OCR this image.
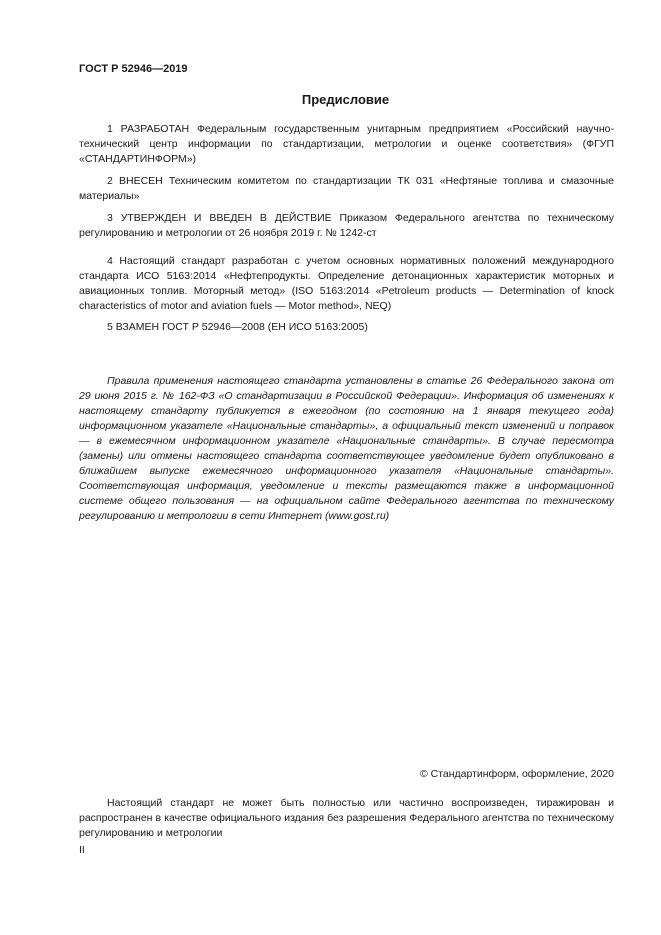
ГОСТ Р 52946—2019
Предисловие

1 РАЗРАБОТАН Федеральным государственным унитарным предприятием «Российский научно-технический центр информации по стандартизации, метрологии и оценке соответствия» (ФГУП «СТАНДАРТИНФОРМ»)

2 ВНЕСЕН Техническим комитетом по стандартизации ТК 031 «Нефтяные топлива и смазочные материалы»

3 УТВЕРЖДЕН И ВВЕДЕН В ДЕЙСТВИЕ Приказом Федерального агентства по техническому регулированию и метрологии от 26 ноября 2019 г. № 1242-ст

4 Настоящий стандарт разработан с учетом основных нормативных положений международного стандарта ИСО 5163:2014 «Нефтепродукты. Определение детонационных характеристик моторных и авиационных топлив. Моторный метод» (ISO 5163:2014 «Petroleum products — Determination of knock characteristics of motor and aviation fuels — Motor method», NEQ)

5 ВЗАМЕН ГОСТ Р 52946—2008 (ЕН ИСО 5163:2005)

Правила применения настоящего стандарта установлены в статье 26 Федерального закона от 29 июня 2015 г. № 162-ФЗ «О стандартизации в Российской Федерации». Информация об изменениях к настоящему стандарту публикуется в ежегодном (по состоянию на 1 января текущего года) информационном указателе «Национальные стандарты», а официальный текст изменений и поправок — в ежемесячном информационном указателе «Национальные стандарты». В случае пересмотра (замены) или отмены настоящего стандарта соответствующее уведомление будет опубликовано в ближайшем выпуске ежемесячного информационного указателя «Национальные стандарты». Соответствующая информация, уведомление и тексты размещаются также в информационной системе общего пользования — на официальном сайте Федерального агентства по техническому регулированию и метрологии в сети Интернет (www.gost.ru)

© Стандартинформ, оформление, 2020

Настоящий стандарт не может быть полностью или частично воспроизведен, тиражирован и распространен в качестве официального издания без разрешения Федерального агентства по техническому регулированию и метрологии

II
